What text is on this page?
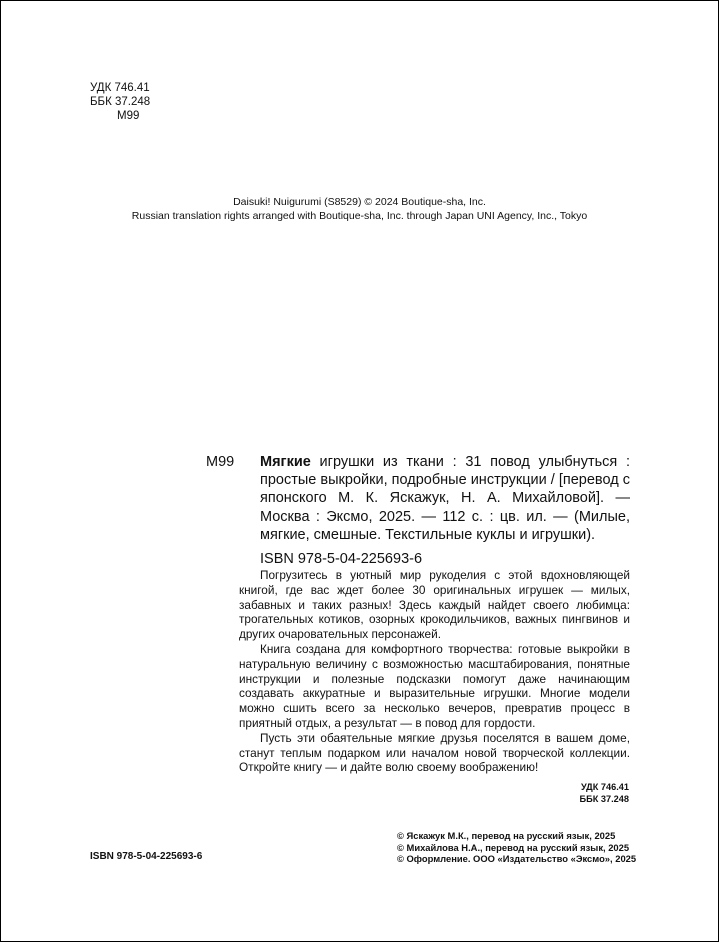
УДК 746.41
ББК 37.248
М99
Daisuki! Nuigurumi (S8529) © 2024 Boutique-sha, Inc.
Russian translation rights arranged with Boutique-sha, Inc. through Japan UNI Agency, Inc., Tokyo
М99 Мягкие игрушки из ткани : 31 повод улыбнуться : простые выкройки, подробные инструкции / [перевод с японского М. К. Яскажук, Н. А. Михайловой]. — Москва : Эксмо, 2025. — 112 с. : цв. ил. — (Милые, мягкие, смешные. Текстильные куклы и игрушки).
ISBN 978-5-04-225693-6

Погрузитесь в уютный мир рукоделия с этой вдохновляющей книгой, где вас ждет более 30 оригинальных игрушек — милых, забавных и таких разных! Здесь каждый найдет своего любимца: трогательных котиков, озорных крокодильчиков, важных пингвинов и других очаровательных персонажей.

Книга создана для комфортного творчества: готовые выкройки в натуральную величину с возможностью масштабирования, понятные инструкции и полезные подсказки помогут даже начинающим создавать аккуратные и выразительные игрушки. Многие модели можно сшить всего за несколько вечеров, превратив процесс в приятный отдых, а результат — в повод для гордости.

Пусть эти обаятельные мягкие друзья поселятся в вашем доме, станут теплым подарком или началом новой творческой коллекции. Откройте книгу — и дайте волю своему воображению!

УДК 746.41
ББК 37.248
ISBN 978-5-04-225693-6
© Яскажук М.К., перевод на русский язык, 2025
© Михайлова Н.А., перевод на русский язык, 2025
© Оформление. ООО «Издательство «Эксмо», 2025
